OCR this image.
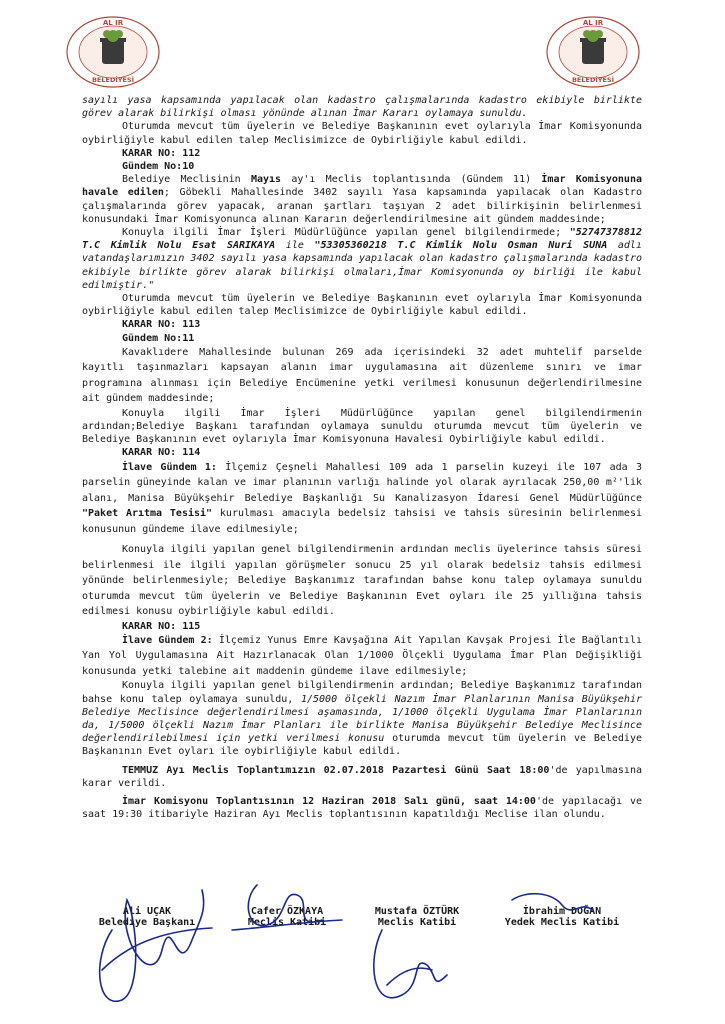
AL IR
BELEDİYESİ
AL IR
BELEDİYESİ

sayılı yasa kapsamında yapılacak olan kadastro çalışmalarında kadastro ekibiyle birlikte görev alarak bilirkişi olması yönünde alınan İmar Kararı oylamaya sunuldu.

Oturumda mevcut tüm üyelerin ve Belediye Başkanının evet oylarıyla İmar Komisyonunda oybirliğiyle kabul edilen talep Meclisimizce de Oybirliğiyle kabul edildi.

KARAR NO: 112

Gündem No:10

Belediye Meclisinin Mayıs ay'ı Meclis toplantısında (Gündem 11) İmar Komisyonuna havale edilen; Göbekli Mahallesinde 3402 sayılı Yasa kapsamında yapılacak olan Kadastro çalışmalarında görev yapacak, aranan şartları taşıyan 2 adet bilirkişinin belirlenmesi konusundaki İmar Komisyonunca alınan Kararın değerlendirilmesine ait gündem maddesinde;

Konuyla ilgili İmar İşleri Müdürlüğünce yapılan genel bilgilendirmede; "52747378812 T.C Kimlik Nolu Esat SARIKAYA ile "53305360218 T.C Kimlik Nolu Osman Nuri SUNA adlı vatandaşlarımızın 3402 sayılı yasa kapsamında yapılacak olan kadastro çalışmalarında kadastro ekibiyle birlikte görev alarak bilirkişi olmaları,İmar Komisyonunda oy birliği ile kabul edilmiştir."

Oturumda mevcut tüm üyelerin ve Belediye Başkanının evet oylarıyla İmar Komisyonunda oybirliğiyle kabul edilen talep Meclisimizce de Oybirliğiyle kabul edildi.

KARAR NO: 113

Gündem No:11

Kavaklıdere Mahallesinde bulunan 269 ada içerisindeki 32 adet muhtelif parselde kayıtlı taşınmazları kapsayan alanın imar uygulamasına ait düzenleme sınırı ve imar programına alınması için Belediye Encümenine yetki verilmesi konusunun değerlendirilmesine ait gündem maddesinde;

Konuyla ilgili İmar İşleri Müdürlüğünce yapılan genel bilgilendirmenin ardından;Belediye Başkanı tarafından oylamaya sunuldu oturumda mevcut tüm üyelerin ve Belediye Başkanının evet oylarıyla İmar Komisyonuna Havalesi Oybirliğiyle kabul edildi.

KARAR NO: 114

İlave Gündem 1: İlçemiz Çeşneli Mahallesi 109 ada 1 parselin kuzeyi ile 107 ada 3 parselin güneyinde kalan ve imar planının varlığı halinde yol olarak ayrılacak 250,00 m²'lik alanı, Manisa Büyükşehir Belediye Başkanlığı Su Kanalizasyon İdaresi Genel Müdürlüğünce "Paket Arıtma Tesisi" kurulması amacıyla bedelsiz tahsisi ve tahsis süresinin belirlenmesi konusunun gündeme ilave edilmesiyle;

Konuyla ilgili yapılan genel bilgilendirmenin ardından meclis üyelerince tahsis süresi belirlenmesi ile ilgili yapılan görüşmeler sonucu 25 yıl olarak bedelsiz tahsis edilmesi yönünde belirlenmesiyle; Belediye Başkanımız tarafından bahse konu talep oylamaya sunuldu oturumda mevcut tüm üyelerin ve Belediye Başkanının Evet oyları ile 25 yıllığına tahsis edilmesi konusu oybirliğiyle kabul edildi.

KARAR NO: 115

İlave Gündem 2: İlçemiz Yunus Emre Kavşağına Ait Yapılan Kavşak Projesi İle Bağlantılı Yan Yol Uygulamasına Ait Hazırlanacak Olan 1/1000 Ölçekli Uygulama İmar Plan Değişikliği konusunda yetki talebine ait maddenin gündeme ilave edilmesiyle;

Konuyla ilgili yapılan genel bilgilendirmenin ardından; Belediye Başkanımız tarafından bahse konu talep oylamaya sunuldu, 1/5000 ölçekli Nazım İmar Planlarının Manisa Büyükşehir Belediye Meclisince değerlendirilmesi aşamasında, 1/1000 ölçekli Uygulama İmar Planlarının da, 1/5000 ölçekli Nazım İmar Planları ile birlikte Manisa Büyükşehir Belediye Meclisince değerlendirilebilmesi için yetki verilmesi konusu oturumda mevcut tüm üyelerin ve Belediye Başkanının Evet oyları ile oybirliğiyle kabul edildi.

TEMMUZ Ayı Meclis Toplantımızın 02.07.2018 Pazartesi Günü Saat 18:00'de yapılmasına karar verildi.

İmar Komisyonu Toplantısının 12 Haziran 2018 Salı günü, saat 14:00'de yapılacağı ve saat 19:30 itibariyle Haziran Ayı Meclis toplantısının kapatıldığı Meclise ilan olundu.

Ali UÇAK
Belediye Başkanı
Cafer ÖZKAYA
Meclis Katibi
Mustafa ÖZTÜRK
Meclis Katibi
İbrahim DOĞAN
Yedek Meclis Katibi
